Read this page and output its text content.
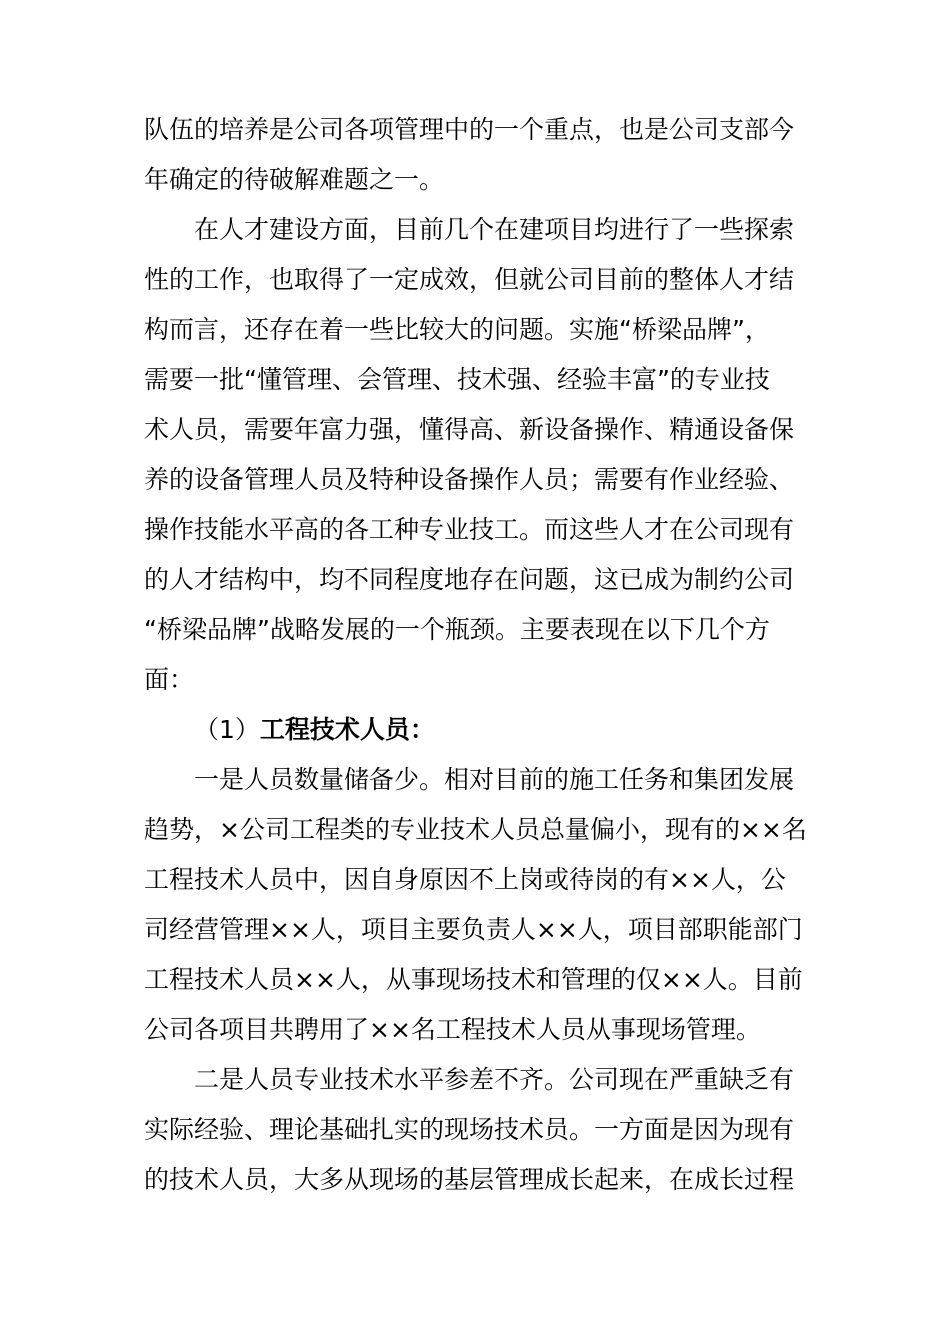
队伍的培养是公司各项管理中的一个重点，也是公司支部今
年确定的待破解难题之一。
在人才建设方面，目前几个在建项目均进行了一些探索
性的工作，也取得了一定成效，但就公司目前的整体人才结
构而言，还存在着一些比较大的问题。实施“桥梁品牌”，
需要一批“懂管理、会管理、技术强、经验丰富”的专业技
术人员，需要年富力强，懂得高、新设备操作、精通设备保
养的设备管理人员及特种设备操作人员；需要有作业经验、
操作技能水平高的各工种专业技工。而这些人才在公司现有
的人才结构中，均不同程度地存在问题，这已成为制约公司
“桥梁品牌”战略发展的一个瓶颈。主要表现在以下几个方
面：
（1）工程技术人员：
一是人员数量储备少。相对目前的施工任务和集团发展
趋势，×公司工程类的专业技术人员总量偏小，现有的××名
工程技术人员中，因自身原因不上岗或待岗的有××人，公
司经营管理××人，项目主要负责人××人，项目部职能部门
工程技术人员××人，从事现场技术和管理的仅××人。目前
公司各项目共聘用了××名工程技术人员从事现场管理。
二是人员专业技术水平参差不齐。公司现在严重缺乏有
实际经验、理论基础扎实的现场技术员。一方面是因为现有
的技术人员，大多从现场的基层管理成长起来，在成长过程
